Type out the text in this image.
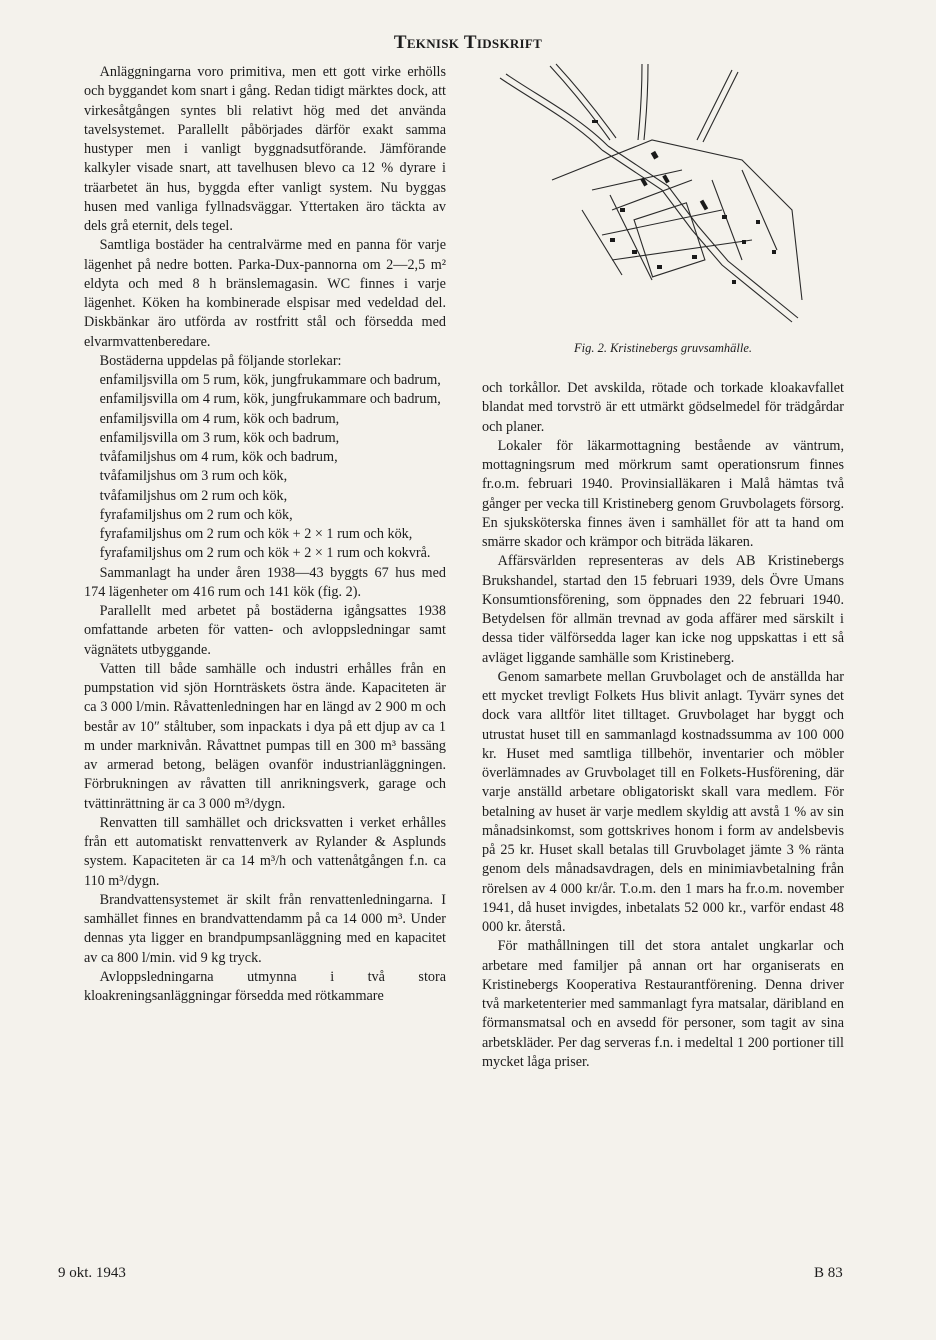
Teknisk Tidskrift

Anläggningarna voro primitiva, men ett gott virke erhölls och byggandet kom snart i gång. Redan tidigt märktes dock, att virkesåtgången syntes bli relativt hög med det använda tavelsystemet. Parallellt påbörjades därför exakt samma hustyper men i vanligt byggnadsutförande. Jämförande kalkyler visade snart, att tavelhusen blevo ca 12 % dyrare i träarbetet än hus, byggda efter vanligt system. Nu byggas husen med vanliga fyllnadsväggar. Yttertaken äro täckta av dels grå eternit, dels tegel.

Samtliga bostäder ha centralvärme med en panna för varje lägenhet på nedre botten. Parka-Dux-pannorna om 2—2,5 m² eldyta och med 8 h bränslemagasin. WC finnes i varje lägenhet. Köken ha kombinerade elspisar med vedeldad del. Diskbänkar äro utförda av rostfritt stål och försedda med elvarmvattenberedare.

Bostäderna uppdelas på följande storlekar:

enfamiljsvilla om 5 rum, kök, jungfrukammare och badrum,

enfamiljsvilla om 4 rum, kök, jungfrukammare och badrum,

enfamiljsvilla om 4 rum, kök och badrum,

enfamiljsvilla om 3 rum, kök och badrum,

tvåfamiljshus om 4 rum, kök och badrum,

tvåfamiljshus om 3 rum och kök,

tvåfamiljshus om 2 rum och kök,

fyrafamiljshus om 2 rum och kök,

fyrafamiljshus om 2 rum och kök + 2 × 1 rum och kök,

fyrafamiljshus om 2 rum och kök + 2 × 1 rum och kokvrå.

Sammanlagt ha under åren 1938—43 byggts 67 hus med 174 lägenheter om 416 rum och 141 kök (fig. 2).

Parallellt med arbetet på bostäderna igångsattes 1938 omfattande arbeten för vatten- och avloppsledningar samt vägnätets utbyggande.

Vatten till både samhälle och industri erhålles från en pumpstation vid sjön Hornträskets östra ände. Kapaciteten är ca 3 000 l/min. Råvattenledningen har en längd av 2 900 m och består av 10″ ståltuber, som inpackats i dya på ett djup av ca 1 m under marknivån. Råvattnet pumpas till en 300 m³ bassäng av armerad betong, belägen ovanför industrianläggningen. Förbrukningen av råvatten till anrikningsverk, garage och tvättinrättning är ca 3 000 m³/dygn.

Renvatten till samhället och dricksvatten i verket erhålles från ett automatiskt renvattenverk av Rylander & Asplunds system. Kapaciteten är ca 14 m³/h och vattenåtgången f.n. ca 110 m³/dygn.

Brandvattensystemet är skilt från renvattenledningarna. I samhället finnes en brandvattendamm på ca 14 000 m³. Under dennas yta ligger en brandpumpsanläggning med en kapacitet av ca 800 l/min. vid 9 kg tryck.

Avloppsledningarna utmynna i två stora kloakreningsanläggningar försedda med rötkammare

Fig. 2. Kristinebergs gruvsamhälle.

och torkållor. Det avskilda, rötade och torkade kloakavfallet blandat med torvströ är ett utmärkt gödselmedel för trädgårdar och planer.

Lokaler för läkarmottagning bestående av väntrum, mottagningsrum med mörkrum samt operationsrum finnes fr.o.m. februari 1940. Provinsialläkaren i Malå hämtas två gånger per vecka till Kristineberg genom Gruvbolagets försorg. En sjuksköterska finnes även i samhället för att ta hand om smärre skador och krämpor och biträda läkaren.

Affärsvärlden representeras av dels AB Kristinebergs Brukshandel, startad den 15 februari 1939, dels Övre Umans Konsumtionsförening, som öppnades den 22 februari 1940. Betydelsen för allmän trevnad av goda affärer med särskilt i dessa tider välförsedda lager kan icke nog uppskattas i ett så avläget liggande samhälle som Kristineberg.

Genom samarbete mellan Gruvbolaget och de anställda har ett mycket trevligt Folkets Hus blivit anlagt. Tyvärr synes det dock vara alltför litet tilltaget. Gruvbolaget har byggt och utrustat huset till en sammanlagd kostnadssumma av 100 000 kr. Huset med samtliga tillbehör, inventarier och möbler överlämnades av Gruvbolaget till en Folkets-Husförening, där varje anställd arbetare obligatoriskt skall vara medlem. För betalning av huset är varje medlem skyldig att avstå 1 % av sin månadsinkomst, som gottskrives honom i form av andelsbevis på 25 kr. Huset skall betalas till Gruvbolaget jämte 3 % ränta genom dels månadsavdragen, dels en minimiavbetalning från rörelsen av 4 000 kr/år. T.o.m. den 1 mars ha fr.o.m. november 1941, då huset invigdes, inbetalats 52 000 kr., varför endast 48 000 kr. återstå.

För mathållningen till det stora antalet ungkarlar och arbetare med familjer på annan ort har organiserats en Kristinebergs Kooperativa Restaurantförening. Denna driver två marketenterier med sammanlagt fyra matsalar, däribland en förmansmatsal och en avsedd för personer, som tagit av sina arbetskläder. Per dag serveras f.n. i medeltal 1 200 portioner till mycket låga priser.

9 okt. 1943	B 83
